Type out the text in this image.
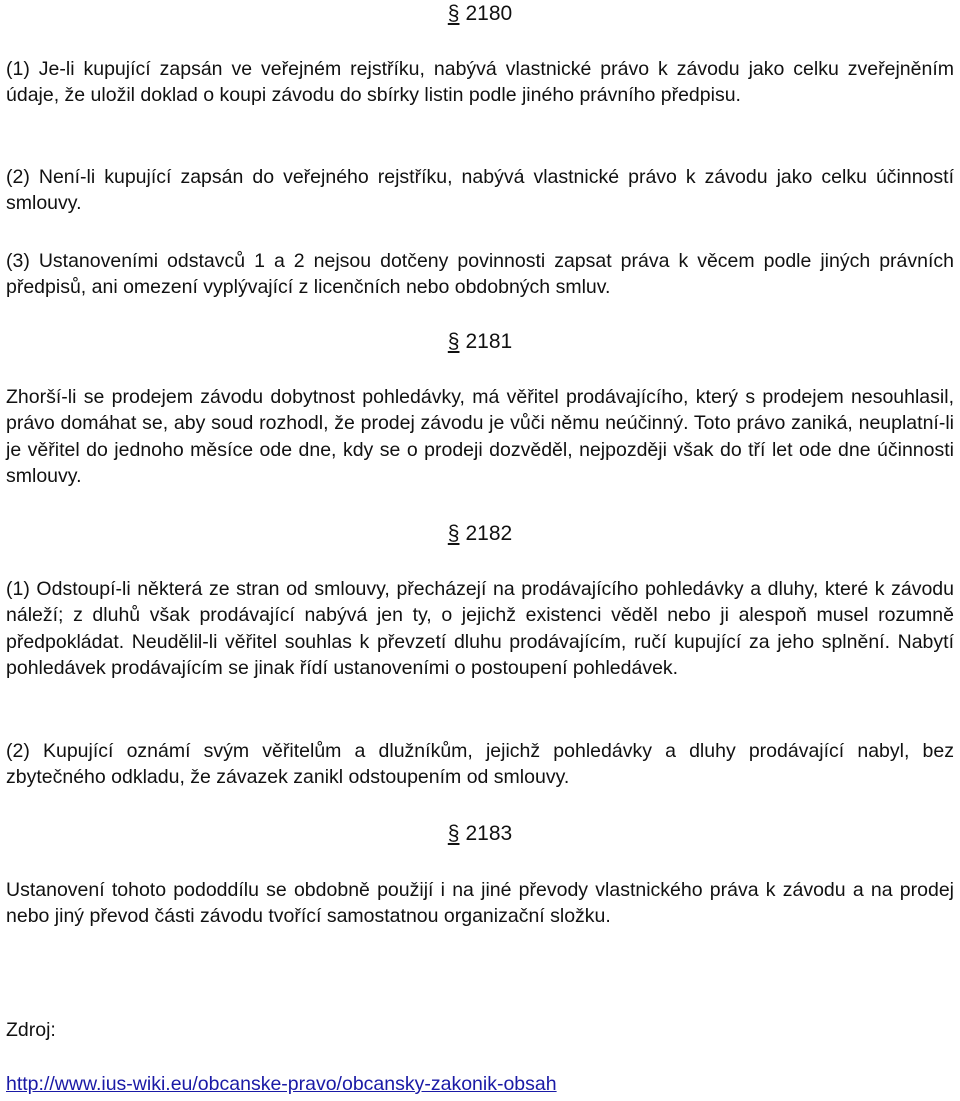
§ 2180

(1) Je-li kupující zapsán ve veřejném rejstříku, nabývá vlastnické právo k závodu jako celku zveřejněním údaje, že uložil doklad o koupi závodu do sbírky listin podle jiného právního předpisu.

(2) Není-li kupující zapsán do veřejného rejstříku, nabývá vlastnické právo k závodu jako celku účinností smlouvy.

(3) Ustanoveními odstavců 1 a 2 nejsou dotčeny povinnosti zapsat práva k věcem podle jiných právních předpisů, ani omezení vyplývající z licenčních nebo obdobných smluv.

§ 2181

Zhorší-li se prodejem závodu dobytnost pohledávky, má věřitel prodávajícího, který s prodejem nesouhlasil, právo domáhat se, aby soud rozhodl, že prodej závodu je vůči němu neúčinný. Toto právo zaniká, neuplatní-li je věřitel do jednoho měsíce ode dne, kdy se o prodeji dozvěděl, nejpozději však do tří let ode dne účinnosti smlouvy.

§ 2182

(1) Odstoupí-li některá ze stran od smlouvy, přecházejí na prodávajícího pohledávky a dluhy, které k závodu náleží; z dluhů však prodávající nabývá jen ty, o jejichž existenci věděl nebo ji alespoň musel rozumně předpokládat. Neudělil-li věřitel souhlas k převzetí dluhu prodávajícím, ručí kupující za jeho splnění. Nabytí pohledávek prodávajícím se jinak řídí ustanoveními o postoupení pohledávek.

(2) Kupující oznámí svým věřitelům a dlužníkům, jejichž pohledávky a dluhy prodávající nabyl, bez zbytečného odkladu, že závazek zanikl odstoupením od smlouvy.

§ 2183

Ustanovení tohoto pododdílu se obdobně použijí i na jiné převody vlastnického práva k závodu a na prodej nebo jiný převod části závodu tvořící samostatnou organizační složku.

Zdroj:
http://www.ius-wiki.eu/obcanske-pravo/obcansky-zakonik-obsah
